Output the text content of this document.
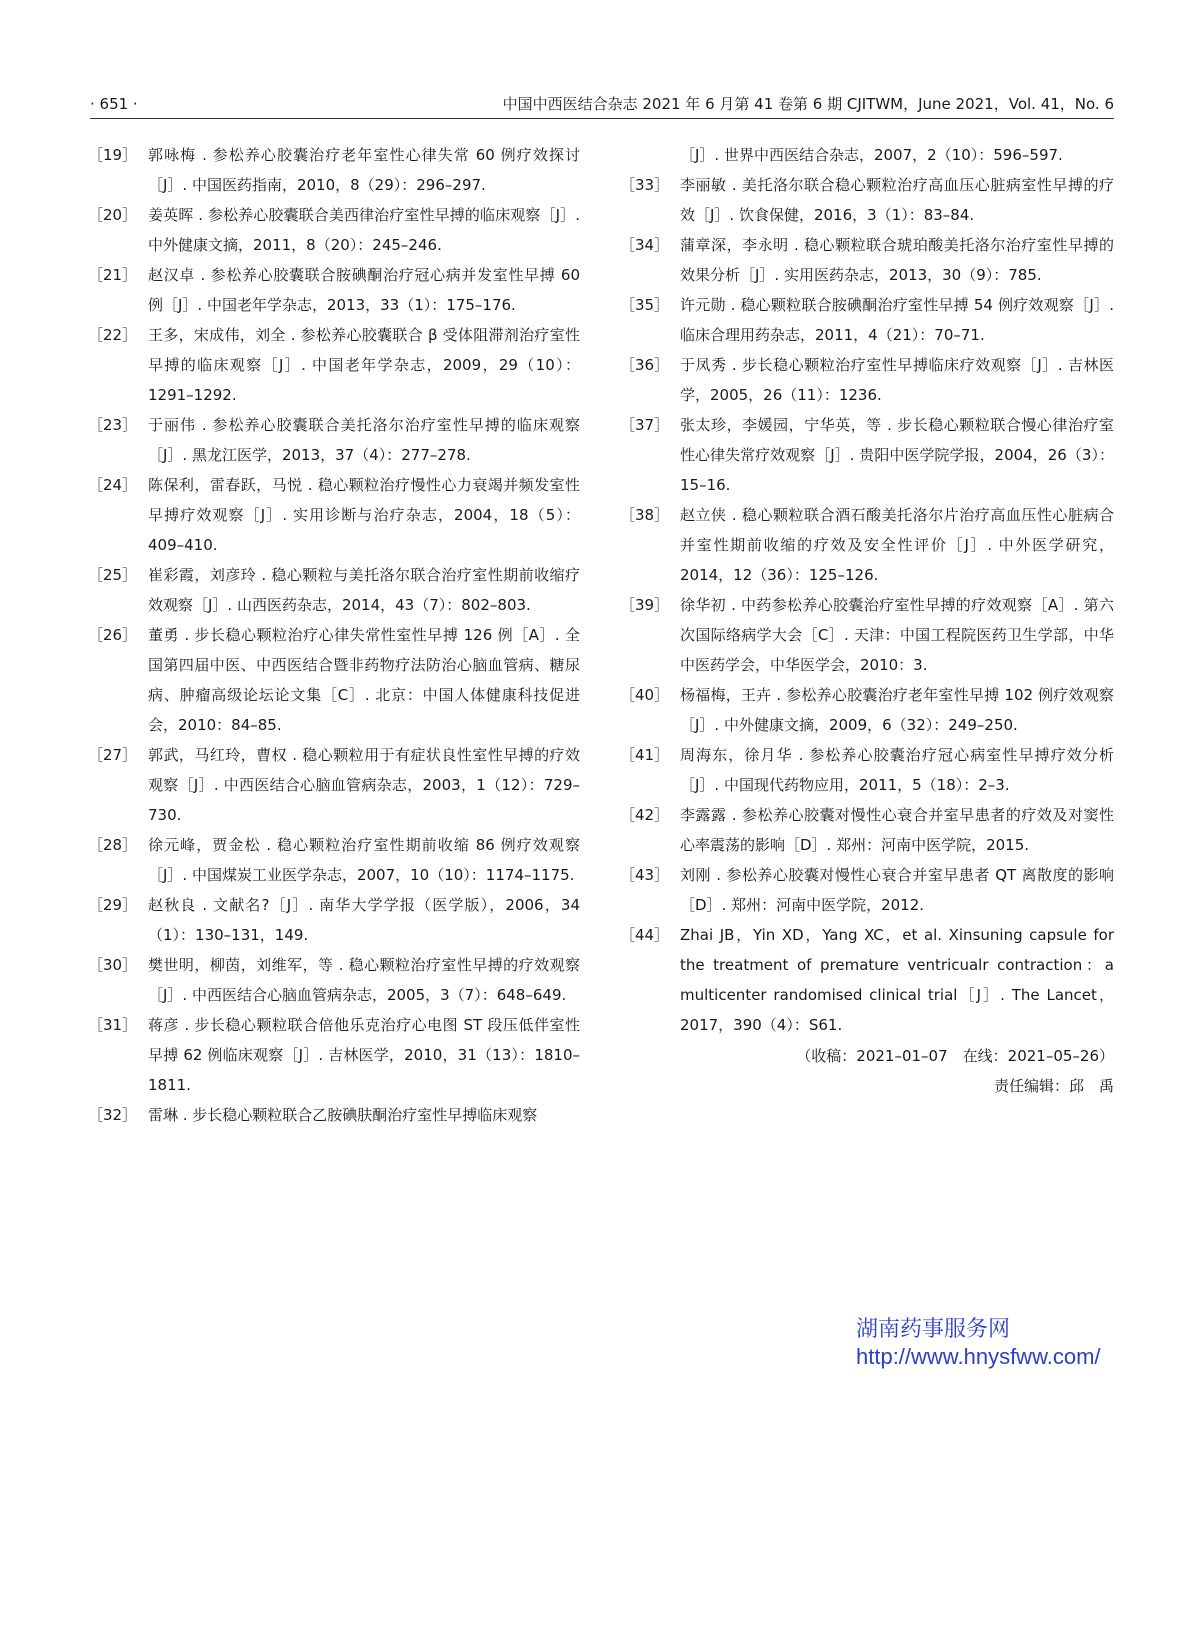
· 651 ·	中国中西医结合杂志 2021 年 6 月第 41 卷第 6 期 CJITWM，June 2021，Vol. 41，No. 6
［19］ 郭咏梅 . 参松养心胶囊治疗老年室性心律失常 60 例疗效探讨［J］. 中国医药指南，2010，8（29）：296–297.
［20］ 姜英晖 . 参松养心胶囊联合美西律治疗室性早搏的临床观察［J］. 中外健康文摘，2011，8（20）：245–246.
［21］ 赵汉卓 . 参松养心胶囊联合胺碘酮治疗冠心病并发室性早搏 60 例［J］. 中国老年学杂志，2013，33（1）：175–176.
［22］ 王多，宋成伟，刘全 . 参松养心胶囊联合 β 受体阻滞剂治疗室性早搏的临床观察［J］. 中国老年学杂志，2009，29（10）：1291–1292.
［23］ 于丽伟 . 参松养心胶囊联合美托洛尔治疗室性早搏的临床观察［J］. 黑龙江医学，2013，37（4）：277–278.
［24］ 陈保利，雷春跃，马悦 . 稳心颗粒治疗慢性心力衰竭并频发室性早搏疗效观察［J］. 实用诊断与治疗杂志，2004，18（5）：409–410.
［25］ 崔彩霞，刘彦玲 . 稳心颗粒与美托洛尔联合治疗室性期前收缩疗效观察［J］. 山西医药杂志，2014，43（7）：802–803.
［26］ 董勇 . 步长稳心颗粒治疗心律失常性室性早搏 126 例［A］. 全国第四届中医、中西医结合暨非药物疗法防治心脑血管病、糖尿病、肿瘤高级论坛论文集［C］. 北京：中国人体健康科技促进会，2010：84–85.
［27］ 郭武，马红玲，曹权 . 稳心颗粒用于有症状良性室性早搏的疗效观察［J］. 中西医结合心脑血管病杂志，2003，1（12）：729–730.
［28］ 徐元峰，贾金松 . 稳心颗粒治疗室性期前收缩 86 例疗效观察［J］. 中国煤炭工业医学杂志，2007，10（10）：1174–1175.
［29］ 赵秋良 . 文献名?［J］. 南华大学学报（医学版），2006，34（1）：130–131，149.
［30］ 樊世明，柳茵，刘维军，等 . 稳心颗粒治疗室性早搏的疗效观察［J］. 中西医结合心脑血管病杂志，2005，3（7）：648–649.
［31］ 蒋彦 . 步长稳心颗粒联合倍他乐克治疗心电图 ST 段压低伴室性早搏 62 例临床观察［J］. 吉林医学，2010，31（13）：1810–1811.
［32］ 雷琳 . 步长稳心颗粒联合乙胺碘肤酮治疗室性早搏临床观察
［J］. 世界中西医结合杂志，2007，2（10）：596–597.
［33］ 李丽敏 . 美托洛尔联合稳心颗粒治疗高血压心脏病室性早搏的疗效［J］. 饮食保健，2016，3（1）：83–84.
［34］ 蒲章深，李永明 . 稳心颗粒联合琥珀酸美托洛尔治疗室性早搏的效果分析［J］. 实用医药杂志，2013，30（9）：785.
［35］ 许元勋 . 稳心颗粒联合胺碘酮治疗室性早搏 54 例疗效观察［J］. 临床合理用药杂志，2011，4（21）：70–71.
［36］ 于凤秀 . 步长稳心颗粒治疗室性早搏临床疗效观察［J］. 吉林医学，2005，26（11）：1236.
［37］ 张太珍，李媛园，宁华英，等 . 步长稳心颗粒联合慢心律治疗室性心律失常疗效观察［J］. 贵阳中医学院学报，2004，26（3）：15–16.
［38］ 赵立侠 . 稳心颗粒联合酒石酸美托洛尔片治疗高血压性心脏病合并室性期前收缩的疗效及安全性评价［J］. 中外医学研究，2014，12（36）：125–126.
［39］ 徐华初 . 中药参松养心胶囊治疗室性早搏的疗效观察［A］. 第六次国际络病学大会［C］. 天津：中国工程院医药卫生学部，中华中医药学会，中华医学会，2010：3.
［40］ 杨福梅，王卉 . 参松养心胶囊治疗老年室性早搏 102 例疗效观察［J］. 中外健康文摘，2009，6（32）：249–250.
［41］ 周海东，徐月华 . 参松养心胶囊治疗冠心病室性早搏疗效分析［J］. 中国现代药物应用，2011，5（18）：2–3.
［42］ 李露露 . 参松养心胶囊对慢性心衰合并室早患者的疗效及对窦性心率震荡的影响［D］. 郑州：河南中医学院，2015.
［43］ 刘刚 . 参松养心胶囊对慢性心衰合并室早患者 QT 离散度的影响［D］. 郑州：河南中医学院，2012.
［44］ Zhai JB，Yin XD，Yang XC，et al. Xinsuning capsule for the treatment of premature ventricualr contraction：a multicenter randomised clinical trial［J］. The Lancet，2017，390（4）：S61.
（收稿：2021–01–07　在线：2021–05–26）
责任编辑：邱　禹
湖南药事服务网
http://www.hnysfww.com/
